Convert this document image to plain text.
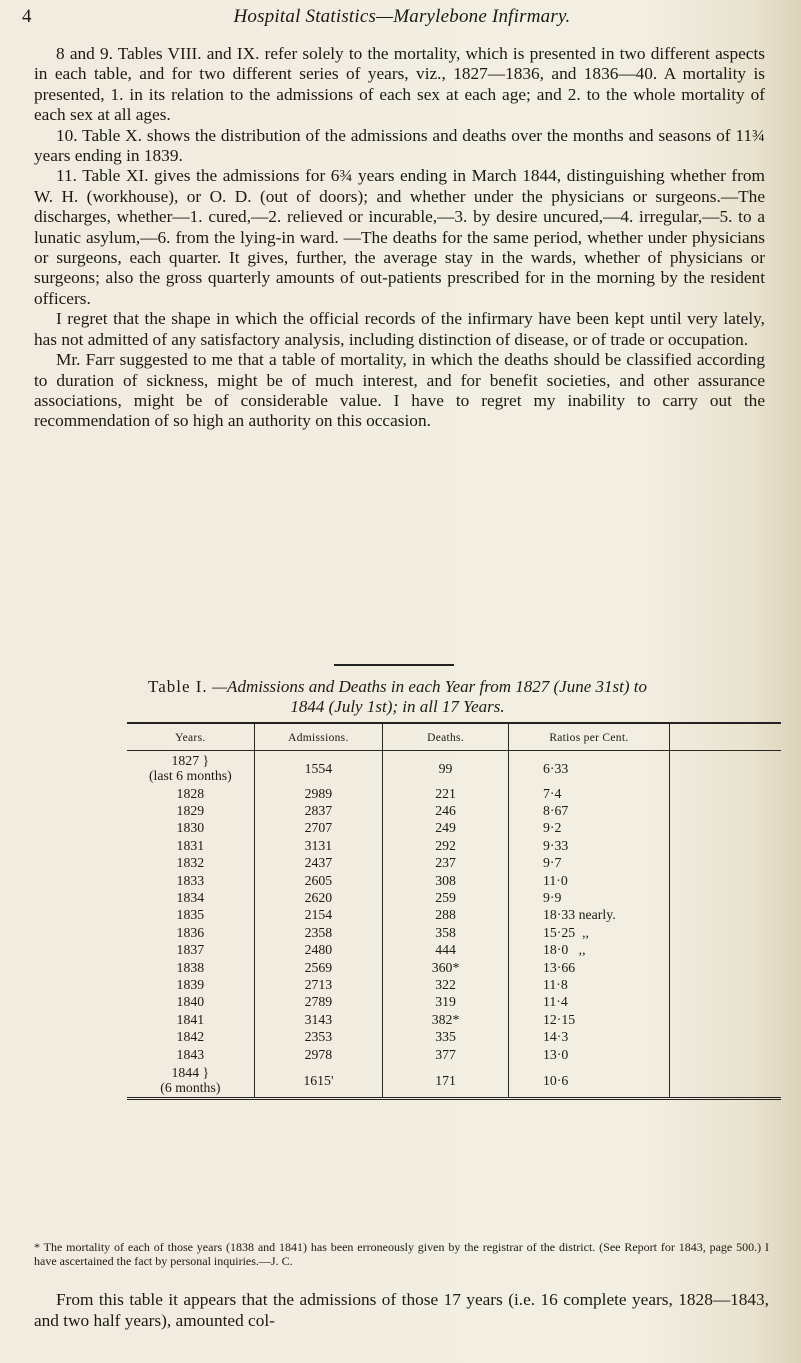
4	Hospital Statistics—Marylebone Infirmary.

8 and 9. Tables VIII. and IX. refer solely to the mortality, which is presented in two different aspects in each table, and for two different series of years, viz., 1827—1836, and 1836—40. A mortality is presented, 1. in its relation to the admissions of each sex at each age; and 2. to the whole mortality of each sex at all ages.

10. Table X. shows the distribution of the admissions and deaths over the months and seasons of 11¾ years ending in 1839.

11. Table XI. gives the admissions for 6¾ years ending in March 1844, distinguishing whether from W. H. (workhouse), or O. D. (out of doors); and whether under the physicians or surgeons.—The discharges, whether—1. cured,—2. relieved or incurable,—3. by desire uncured,—4. irregular,—5. to a lunatic asylum,—6. from the lying-in ward. —The deaths for the same period, whether under physicians or surgeons, each quarter. It gives, further, the average stay in the wards, whether of physicians or surgeons; also the gross quarterly amounts of out-patients prescribed for in the morning by the resident officers.

I regret that the shape in which the official records of the infirmary have been kept until very lately, has not admitted of any satisfactory analysis, including distinction of disease, or of trade or occupation.

Mr. Farr suggested to me that a table of mortality, in which the deaths should be classified according to duration of sickness, might be of much interest, and for benefit societies, and other assurance associations, might be of considerable value. I have to regret my inability to carry out the recommendation of so high an authority on this occasion.

Table I. —Admissions and Deaths in each Year from 1827 (June 31st) to
1844 (July 1st); in all 17 Years.
Years.	Admissions.	Deaths.	Ratios per Cent.	
1827 }
(last 6 months)	1554	99	6·33	
1828	2989	221	7·4	
1829	2837	246	8·67	
1830	2707	249	9·2	
1831	3131	292	9·33	
1832	2437	237	9·7	
1833	2605	308	11·0	
1834	2620	259	9·9	
1835	2154	288	18·33 nearly.	
1836	2358	358	15·25  ,,	
1837	2480	444	18·0   ,,	
1838	2569	360*	13·66	
1839	2713	322	11·8	
1840	2789	319	11·4	
1841	3143	382*	12·15	
1842	2353	335	14·3	
1843	2978	377	13·0	
1844 }
(6 months)	1615'	171	10·6	
* The mortality of each of those years (1838 and 1841) has been erroneously given by the registrar of the district. (See Report for 1843, page 500.) I have ascertained the fact by personal inquiries.—J. C.

From this table it appears that the admissions of those 17 years (i.e. 16 complete years, 1828—1843, and two half years), amounted col-
